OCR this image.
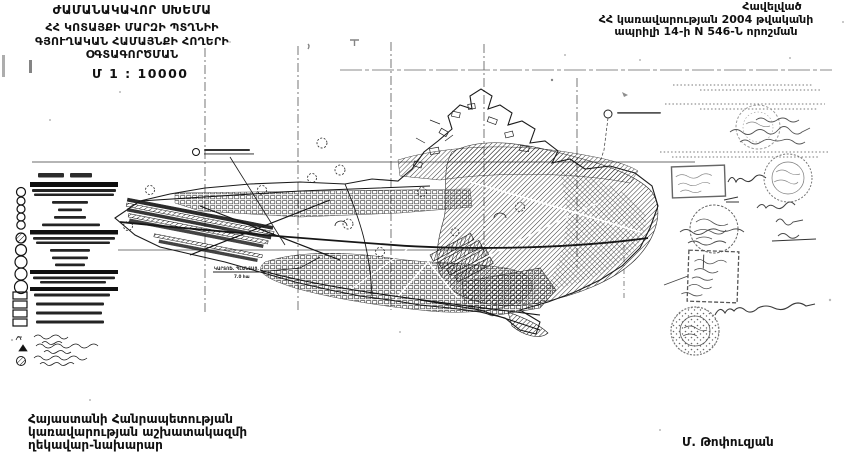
ԺԱՄԱՆԱԿԱՎՈՐ ՍԽԵՄԱ
ՀՀ ԿՈՏԱՅՔԻ ՄԱՐԶԻ ՊՏՂՆԻԻ
ԳՅՈՒՂԱԿԱՆ ՀԱՄԱՅՆՔԻ ՀՈՂԵՐԻ
ՕԳՏԱԳՈՐԾՄԱՆ
Մ 1 : 10000
Հավելված
ՀՀ կառավարության 2004 թվականի
ապրիլի 14-ի N 546-Ն որոշման
Հայաստանի Հանրապետության
կառավարության աշխատակազմի
ղեկավար-նախարար	Մ. Թոփուզյան
ԿԱՐՏՈՖ. ՊԼԱՆՏԱՑ.
7.0 հա
